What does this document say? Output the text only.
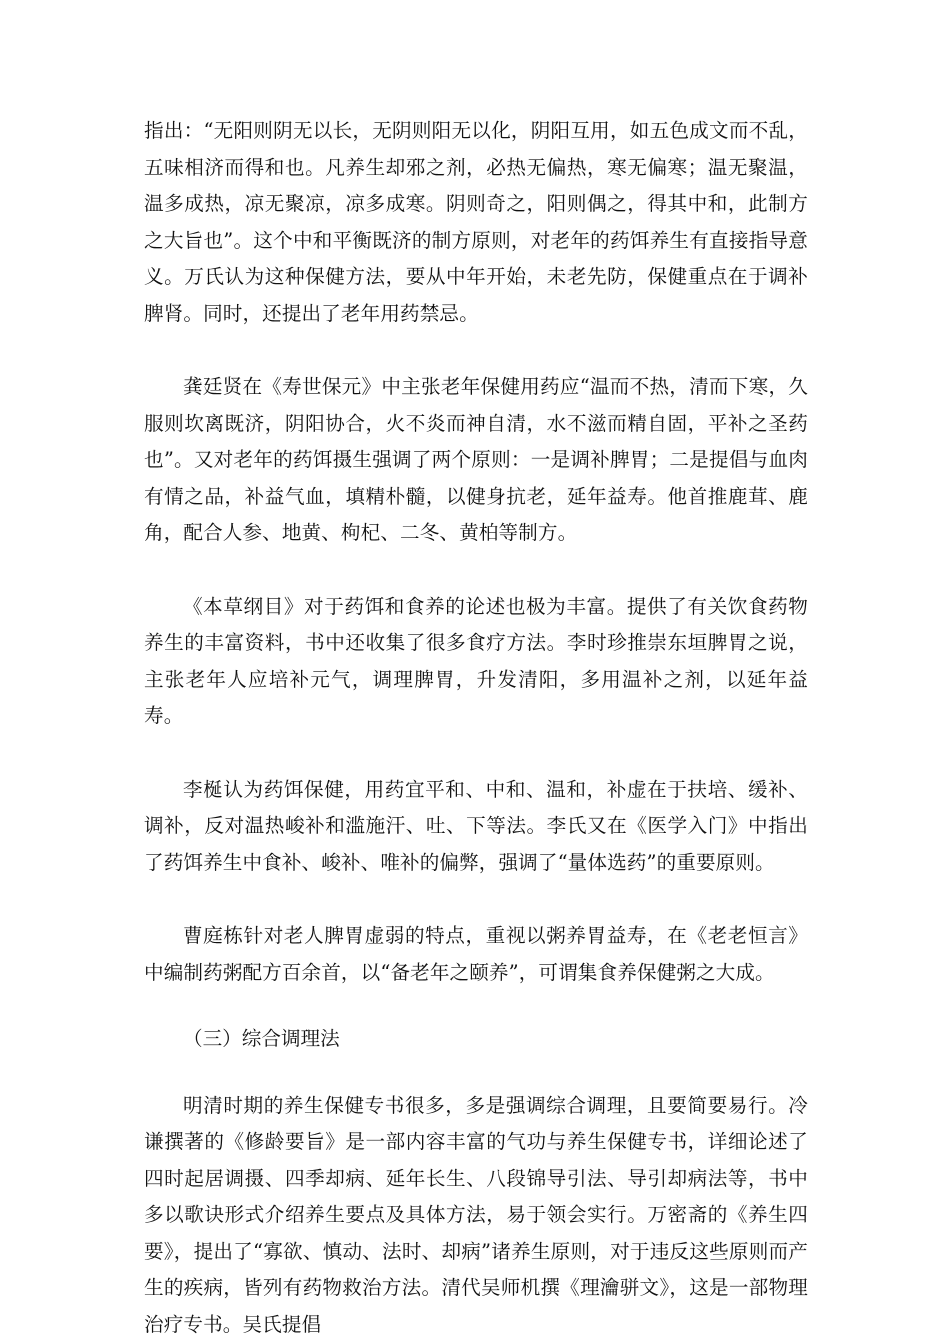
指出：“无阳则阴无以长，无阴则阳无以化，阴阳互用，如五色成文而不乱，五味相济而得和也。凡养生却邪之剂，必热无偏热，寒无偏寒；温无聚温，温多成热，凉无聚凉，凉多成寒。阴则奇之，阳则偶之，得其中和，此制方之大旨也”。这个中和平衡既济的制方原则，对老年的药饵养生有直接指导意义。万氏认为这种保健方法，要从中年开始，未老先防，保健重点在于调补脾肾。同时，还提出了老年用药禁忌。

龚廷贤在《寿世保元》中主张老年保健用药应“温而不热，清而下寒，久服则坎离既济，阴阳协合，火不炎而神自清，水不滋而精自固，平补之圣药也”。又对老年的药饵摄生强调了两个原则：一是调补脾胃；二是提倡与血肉有情之品，补益气血，填精朴髓，以健身抗老，延年益寿。他首推鹿茸、鹿角，配合人参、地黄、枸杞、二冬、黄柏等制方。

《本草纲目》对于药饵和食养的论述也极为丰富。提供了有关饮食药物养生的丰富资料，书中还收集了很多食疗方法。李时珍推崇东垣脾胃之说，主张老年人应培补元气，调理脾胃，升发清阳，多用温补之剂，以延年益寿。

李梴认为药饵保健，用药宜平和、中和、温和，补虚在于扶培、缓补、调补，反对温热峻补和滥施汗、吐、下等法。李氏又在《医学入门》中指出了药饵养生中食补、峻补、唯补的偏弊，强调了“量体选药”的重要原则。

曹庭栋针对老人脾胃虚弱的特点，重视以粥养胃益寿，在《老老恒言》中编制药粥配方百余首，以“备老年之颐养”，可谓集食养保健粥之大成。

（三）综合调理法

明清时期的养生保健专书很多，多是强调综合调理，且要简要易行。冷谦撰著的《修龄要旨》是一部内容丰富的气功与养生保健专书，详细论述了四时起居调摄、四季却病、延年长生、八段锦导引法、导引却病法等，书中多以歌诀形式介绍养生要点及具体方法，易于领会实行。万密斋的《养生四要》，提出了“寡欲、慎动、法时、却病”诸养生原则，对于违反这些原则而产生的疾病，皆列有药物救治方法。清代吴师机撰《理瀹骈文》，这是一部物理治疗专书。吴氏提倡
